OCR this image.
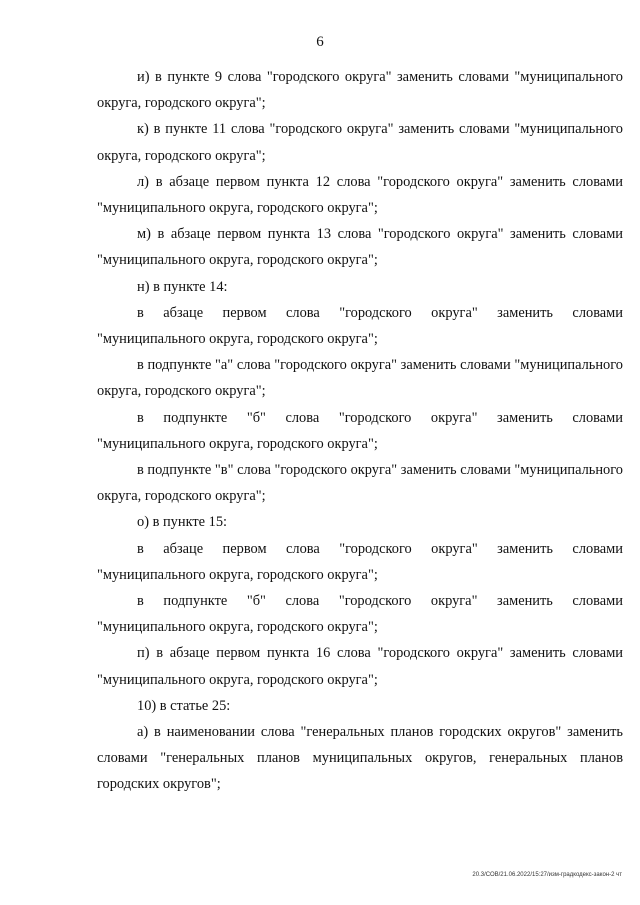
6

и) в пункте 9 слова "городского округа" заменить словами "муниципального округа, городского округа";

к) в пункте 11 слова "городского округа" заменить словами "муниципального округа, городского округа";

л) в абзаце первом пункта 12 слова "городского округа" заменить словами "муниципального округа, городского округа";

м) в абзаце первом пункта 13 слова "городского округа" заменить словами "муниципального округа, городского округа";

н) в пункте 14:

в абзаце первом слова "городского округа" заменить словами "муниципального округа, городского округа";

в подпункте "а" слова "городского округа" заменить словами "муниципального округа, городского округа";

в подпункте "б" слова "городского округа" заменить словами "муниципального округа, городского округа";

в подпункте "в" слова "городского округа" заменить словами "муниципального округа, городского округа";

о) в пункте 15:

в абзаце первом слова "городского округа" заменить словами "муниципального округа, городского округа";

в подпункте "б" слова "городского округа" заменить словами "муниципального округа, городского округа";

п) в абзаце первом пункта 16 слова "городского округа" заменить словами "муниципального округа, городского округа";

10) в статье 25:

а) в наименовании слова "генеральных планов городских округов" заменить словами "генеральных планов муниципальных округов, генеральных планов городских округов";

20.3/СОВ/21.06.2022/15:27/изм-градкодекс-закон-2 чт
